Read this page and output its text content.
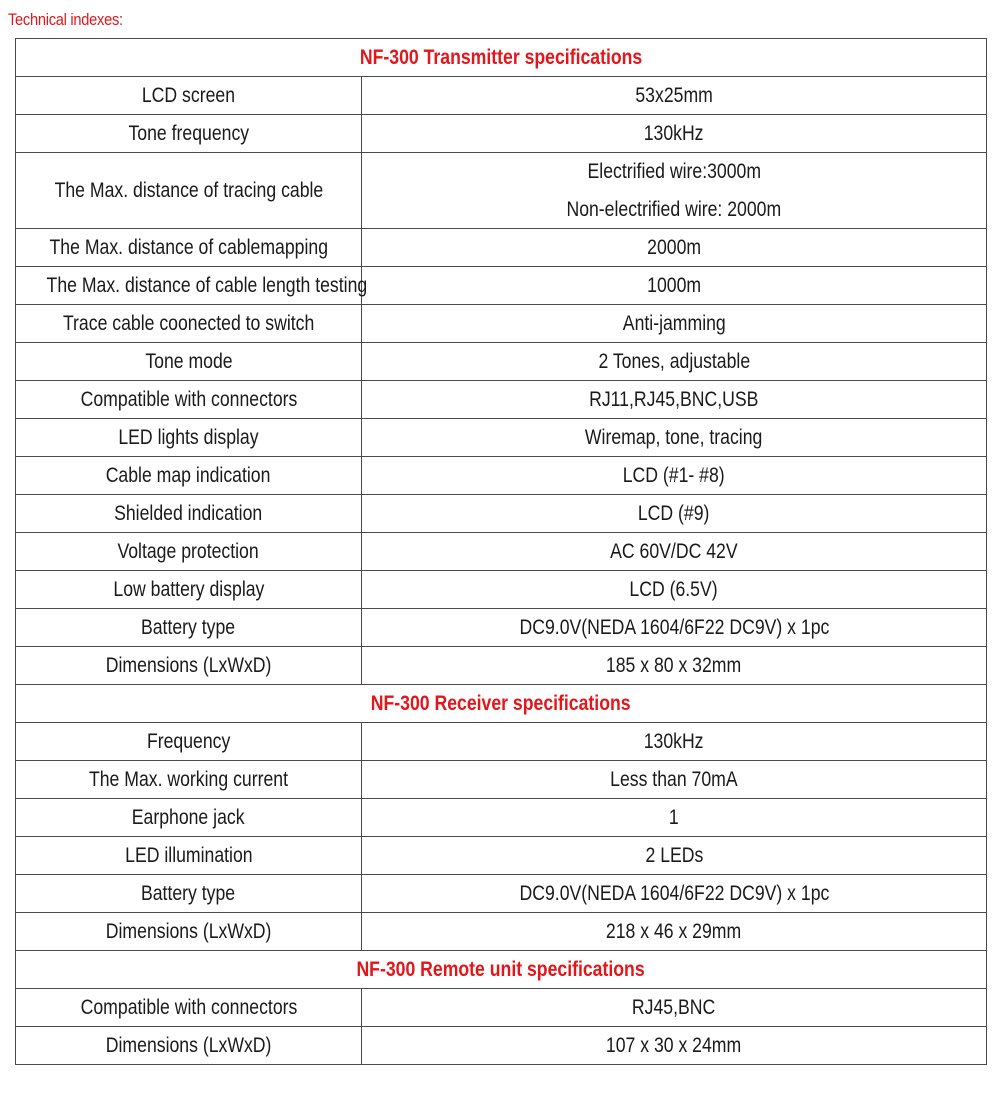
Technical indexes:
NF-300 Transmitter specifications	
LCD screen	53x25mm

Tone frequency	130kHz

The Max. distance of tracing cable	Electrified wire:3000m
Non-electrified wire: 2000m

The Max. distance of cablemapping	2000m

The Max. distance of cable length testing	1000m

Trace cable coonected to switch	Anti-jamming

Tone mode	2 Tones, adjustable

Compatible with connectors	RJ11,RJ45,BNC,USB

LED lights display	Wiremap, tone, tracing

Cable map indication	LCD (#1- #8)

Shielded indication	LCD (#9)

Voltage protection	AC 60V/DC 42V

Low battery display	LCD (6.5V)

Battery type	DC9.0V(NEDA 1604/6F22 DC9V) x 1pc

Dimensions (LxWxD)	185 x 80 x 32mm

NF-300 Receiver specifications	
Frequency	130kHz

The Max. working current	Less than 70mA

Earphone jack	1

LED illumination	2 LEDs

Battery type	DC9.0V(NEDA 1604/6F22 DC9V) x 1pc

Dimensions (LxWxD)	218 x 46 x 29mm

NF-300 Remote unit specifications	
Compatible with connectors	RJ45,BNC

Dimensions (LxWxD)	107 x 30 x 24mm
